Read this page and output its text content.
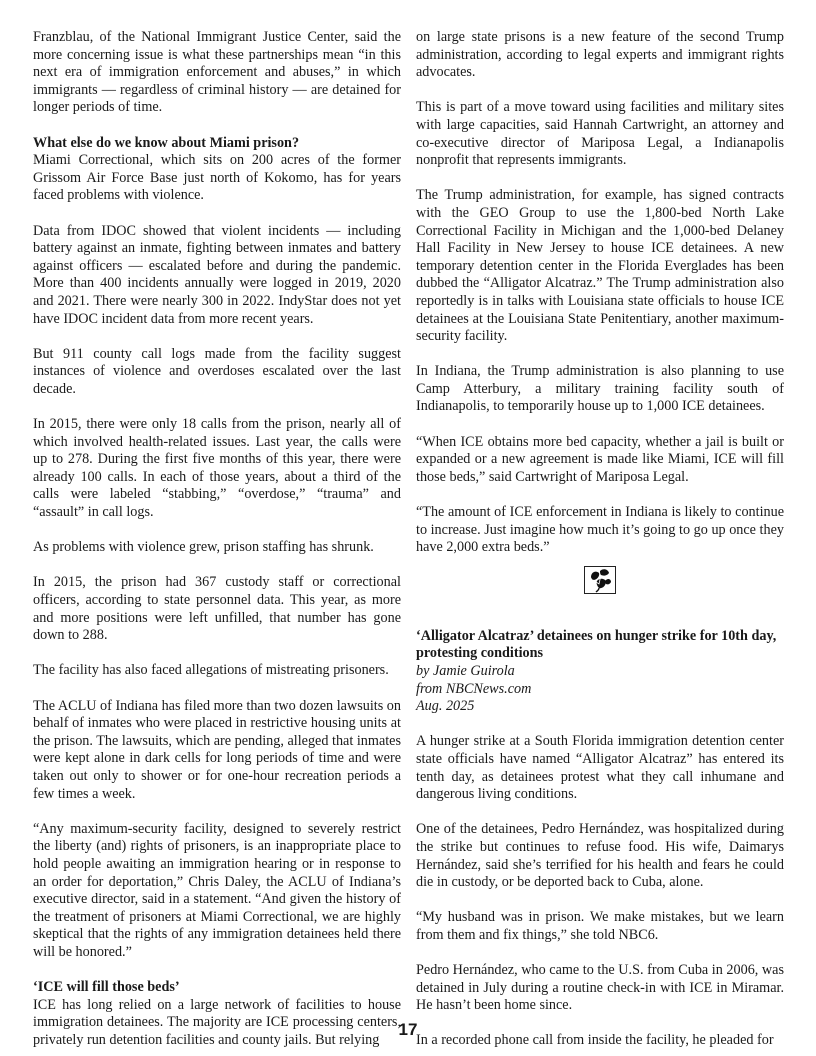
Franzblau, of the National Immigrant Justice Center, said the more concerning issue is what these partnerships mean “in this next era of immigration enforcement and abuses,” in which immigrants — regardless of criminal history — are detained for longer periods of time.

What else do we know about Miami prison?

Miami Correctional, which sits on 200 acres of the former Grissom Air Force Base just north of Kokomo, has for years faced problems with violence.

Data from IDOC showed that violent incidents — including battery against an inmate, fighting between inmates and battery against officers — escalated before and during the pandemic. More than 400 incidents annually were logged in 2019, 2020 and 2021. There were nearly 300 in 2022. IndyStar does not yet have IDOC incident data from more recent years.

But 911 county call logs made from the facility suggest instances of violence and overdoses escalated over the last decade.

In 2015, there were only 18 calls from the prison, nearly all of which involved health-related issues. Last year, the calls were up to 278. During the first five months of this year, there were already 100 calls. In each of those years, about a third of the calls were labeled “stabbing,” “overdose,” “trauma” and “assault” in call logs.

As problems with violence grew, prison staffing has shrunk.

In 2015, the prison had 367 custody staff or correctional officers, according to state personnel data. This year, as more and more positions were left unfilled, that number has gone down to 288.

The facility has also faced allegations of mistreating prisoners.

The ACLU of Indiana has filed more than two dozen lawsuits on behalf of inmates who were placed in restrictive housing units at the prison. The lawsuits, which are pending, alleged that inmates were kept alone in dark cells for long periods of time and were taken out only to shower or for one-hour recreation periods a few times a week.

“Any maximum-security facility, designed to severely restrict the liberty (and) rights of prisoners, is an inappropriate place to hold people awaiting an immigration hearing or in response to an order for deportation,” Chris Daley, the ACLU of Indiana’s executive director, said in a statement. “And given the history of the treatment of prisoners at Miami Correctional, we are highly skeptical that the rights of any immigration detainees held there will be honored.”

‘ICE will fill those beds’

ICE has long relied on a large network of facilities to house immigration detainees. The majority are ICE processing centers, privately run detention facilities and county jails. But relying

on large state prisons is a new feature of the second Trump administration, according to legal experts and immigrant rights advocates.

This is part of a move toward using facilities and military sites with large capacities, said Hannah Cartwright, an attorney and co-executive director of Mariposa Legal, a Indianapolis nonprofit that represents immigrants.

The Trump administration, for example, has signed contracts with the GEO Group to use the 1,800-bed North Lake Correctional Facility in Michigan and the 1,000-bed Delaney Hall Facility in New Jersey to house ICE detainees. A new temporary detention center in the Florida Everglades has been dubbed the “Alligator Alcatraz.” The Trump administration also reportedly is in talks with Louisiana state officials to house ICE detainees at the Louisiana State Penitentiary, another maximum-security facility.

In Indiana, the Trump administration is also planning to use Camp Atterbury, a military training facility south of Indianapolis, to temporarily house up to 1,000 ICE detainees.

“When ICE obtains more bed capacity, whether a jail is built or expanded or a new agreement is made like Miami, ICE will fill those beds,” said Cartwright of Mariposa Legal.

“The amount of ICE enforcement in Indiana is likely to continue to increase. Just imagine how much it’s going to go up once they have 2,000 extra beds.”

‘Alligator Alcatraz’ detainees on hunger strike for 10th day, protesting conditions

by Jamie Guirola

from NBCNews.com

Aug. 2025

A hunger strike at a South Florida immigration detention center state officials have named “Alligator Alcatraz” has entered its tenth day, as detainees protest what they call inhumane and dangerous living conditions.

One of the detainees, Pedro Hernández, was hospitalized during the strike but continues to refuse food. His wife, Daimarys Hernández, said she’s terrified for his health and fears he could die in custody, or be deported back to Cuba, alone.

“My husband was in prison. We make mistakes, but we learn from them and fix things,” she told NBC6.

Pedro Hernández, who came to the U.S. from Cuba in 2006, was detained in July during a routine check-in with ICE in Miramar. He hasn’t been home since.

In a recorded phone call from inside the facility, he pleaded for

17
